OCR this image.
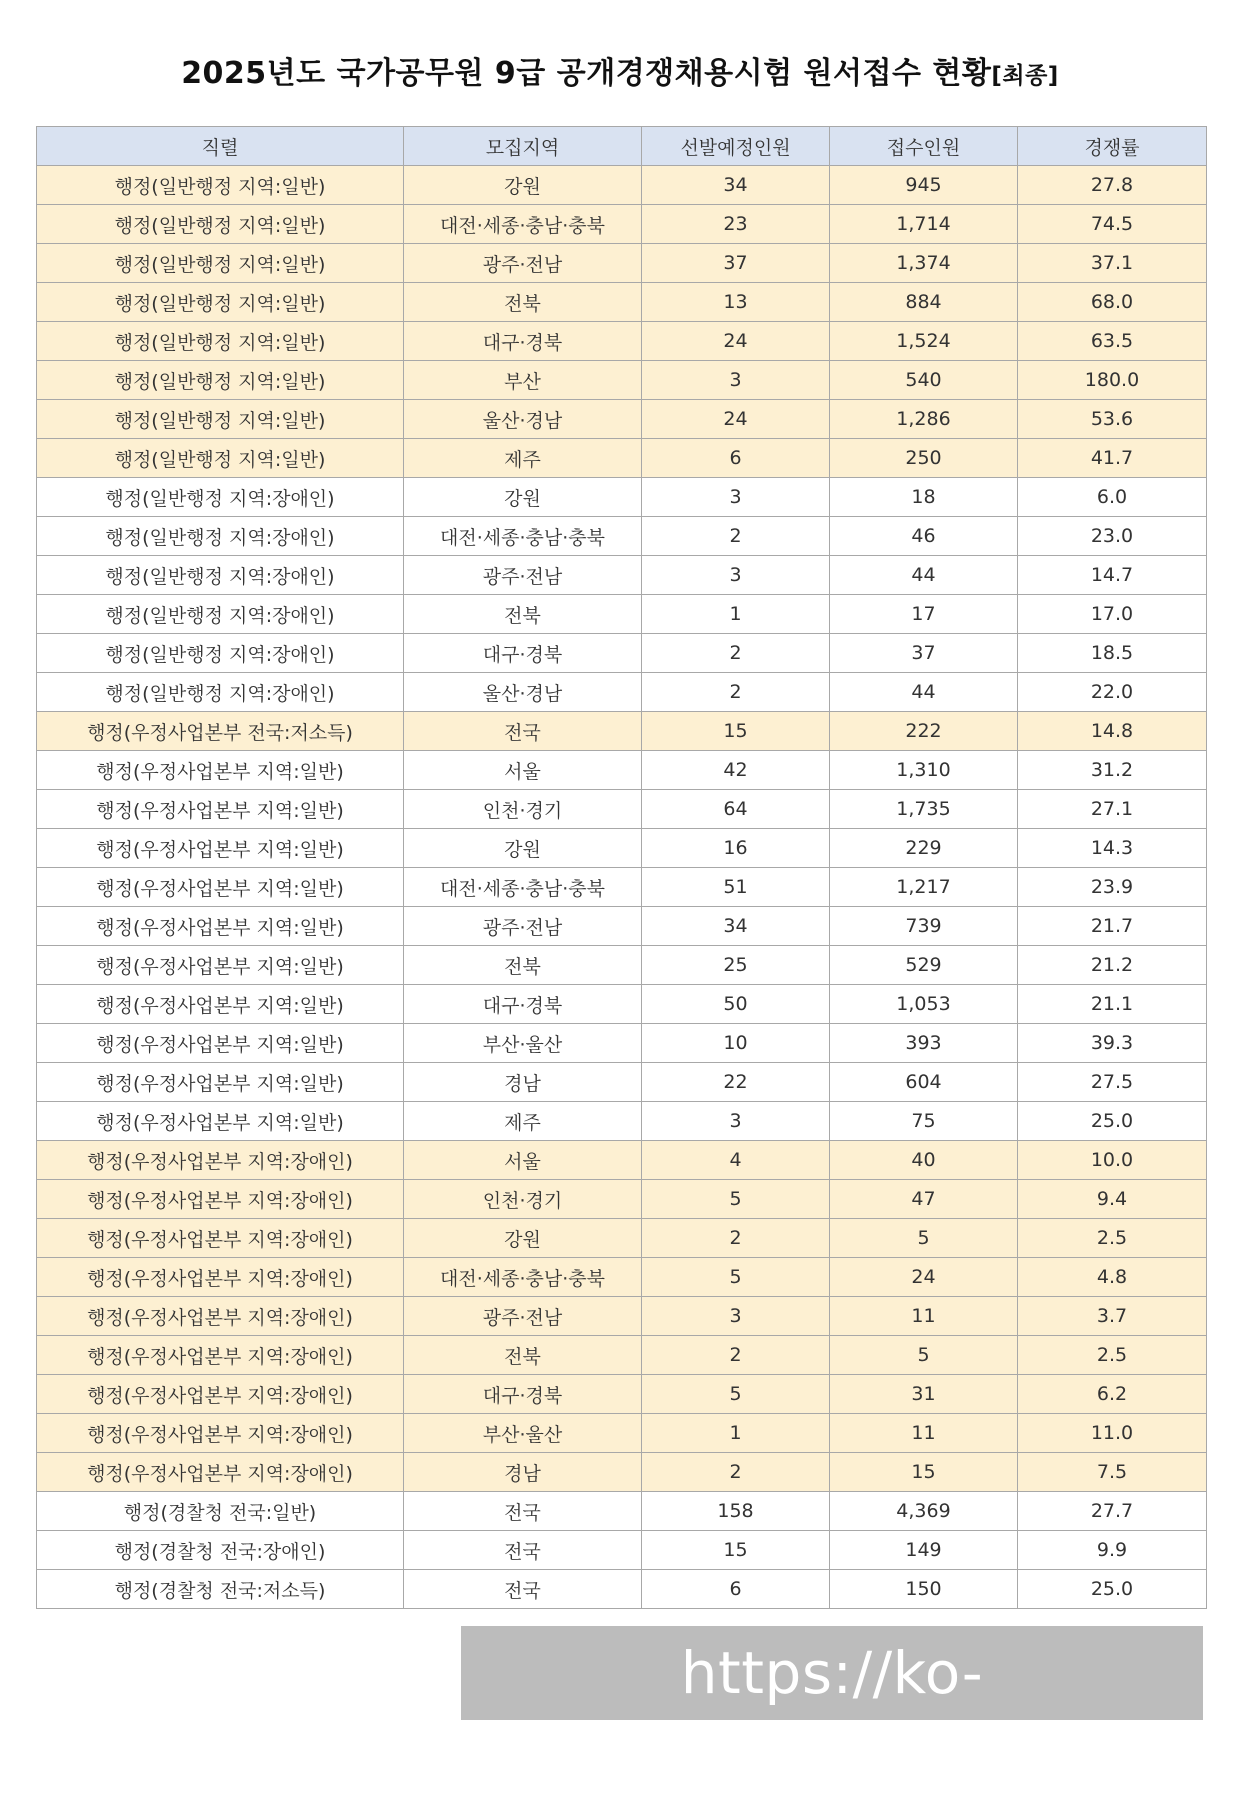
2025년도 국가공무원 9급 공개경쟁채용시험 원서접수 현황[최종]
직렬	모집지역	선발예정인원	접수인원	경쟁률
행정(일반행정 지역:일반)	강원	34	945	27.8
행정(일반행정 지역:일반)	대전·세종·충남·충북	23	1,714	74.5
행정(일반행정 지역:일반)	광주·전남	37	1,374	37.1
행정(일반행정 지역:일반)	전북	13	884	68.0
행정(일반행정 지역:일반)	대구·경북	24	1,524	63.5
행정(일반행정 지역:일반)	부산	3	540	180.0
행정(일반행정 지역:일반)	울산·경남	24	1,286	53.6
행정(일반행정 지역:일반)	제주	6	250	41.7
행정(일반행정 지역:장애인)	강원	3	18	6.0
행정(일반행정 지역:장애인)	대전·세종·충남·충북	2	46	23.0
행정(일반행정 지역:장애인)	광주·전남	3	44	14.7
행정(일반행정 지역:장애인)	전북	1	17	17.0
행정(일반행정 지역:장애인)	대구·경북	2	37	18.5
행정(일반행정 지역:장애인)	울산·경남	2	44	22.0
행정(우정사업본부 전국:저소득)	전국	15	222	14.8
행정(우정사업본부 지역:일반)	서울	42	1,310	31.2
행정(우정사업본부 지역:일반)	인천·경기	64	1,735	27.1
행정(우정사업본부 지역:일반)	강원	16	229	14.3
행정(우정사업본부 지역:일반)	대전·세종·충남·충북	51	1,217	23.9
행정(우정사업본부 지역:일반)	광주·전남	34	739	21.7
행정(우정사업본부 지역:일반)	전북	25	529	21.2
행정(우정사업본부 지역:일반)	대구·경북	50	1,053	21.1
행정(우정사업본부 지역:일반)	부산·울산	10	393	39.3
행정(우정사업본부 지역:일반)	경남	22	604	27.5
행정(우정사업본부 지역:일반)	제주	3	75	25.0
행정(우정사업본부 지역:장애인)	서울	4	40	10.0
행정(우정사업본부 지역:장애인)	인천·경기	5	47	9.4
행정(우정사업본부 지역:장애인)	강원	2	5	2.5
행정(우정사업본부 지역:장애인)	대전·세종·충남·충북	5	24	4.8
행정(우정사업본부 지역:장애인)	광주·전남	3	11	3.7
행정(우정사업본부 지역:장애인)	전북	2	5	2.5
행정(우정사업본부 지역:장애인)	대구·경북	5	31	6.2
행정(우정사업본부 지역:장애인)	부산·울산	1	11	11.0
행정(우정사업본부 지역:장애인)	경남	2	15	7.5
행정(경찰청 전국:일반)	전국	158	4,369	27.7
행정(경찰청 전국:장애인)	전국	15	149	9.9
행정(경찰청 전국:저소득)	전국	6	150	25.0
https://ko-lang.tistory.com
